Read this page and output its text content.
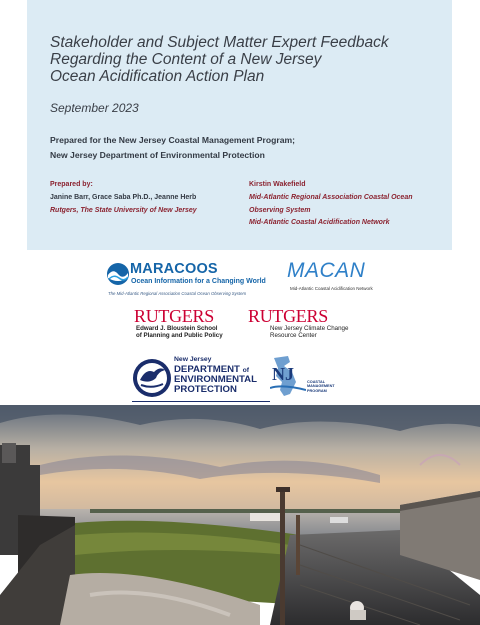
Stakeholder and Subject Matter Expert Feedback
Regarding the Content of a New Jersey
Ocean Acidification Action Plan
September 2023
Prepared for the New Jersey Coastal Management Program;
New Jersey Department of Environmental Protection
Prepared by:
Janine Barr, Grace Saba Ph.D., Jeanne Herb
Rutgers, The State University of New Jersey
Kirstin Wakefield
Mid-Atlantic Regional Association Coastal Ocean Observing System
Mid-Atlantic Coastal Acidification Network
MARACOOS
Ocean Information for a Changing World
The Mid-Atlantic Regional Association Coastal Ocean Observing System
MACAN
Mid-Atlantic Coastal Acidification Network
RUTGERS
Edward J. Bloustein School
of Planning and Public Policy
RUTGERS
New Jersey Climate Change
Resource Center
New Jersey
DEPARTMENT of
ENVIRONMENTAL
PROTECTION
NJ	COASTAL
MANAGEMENT
PROGRAM
